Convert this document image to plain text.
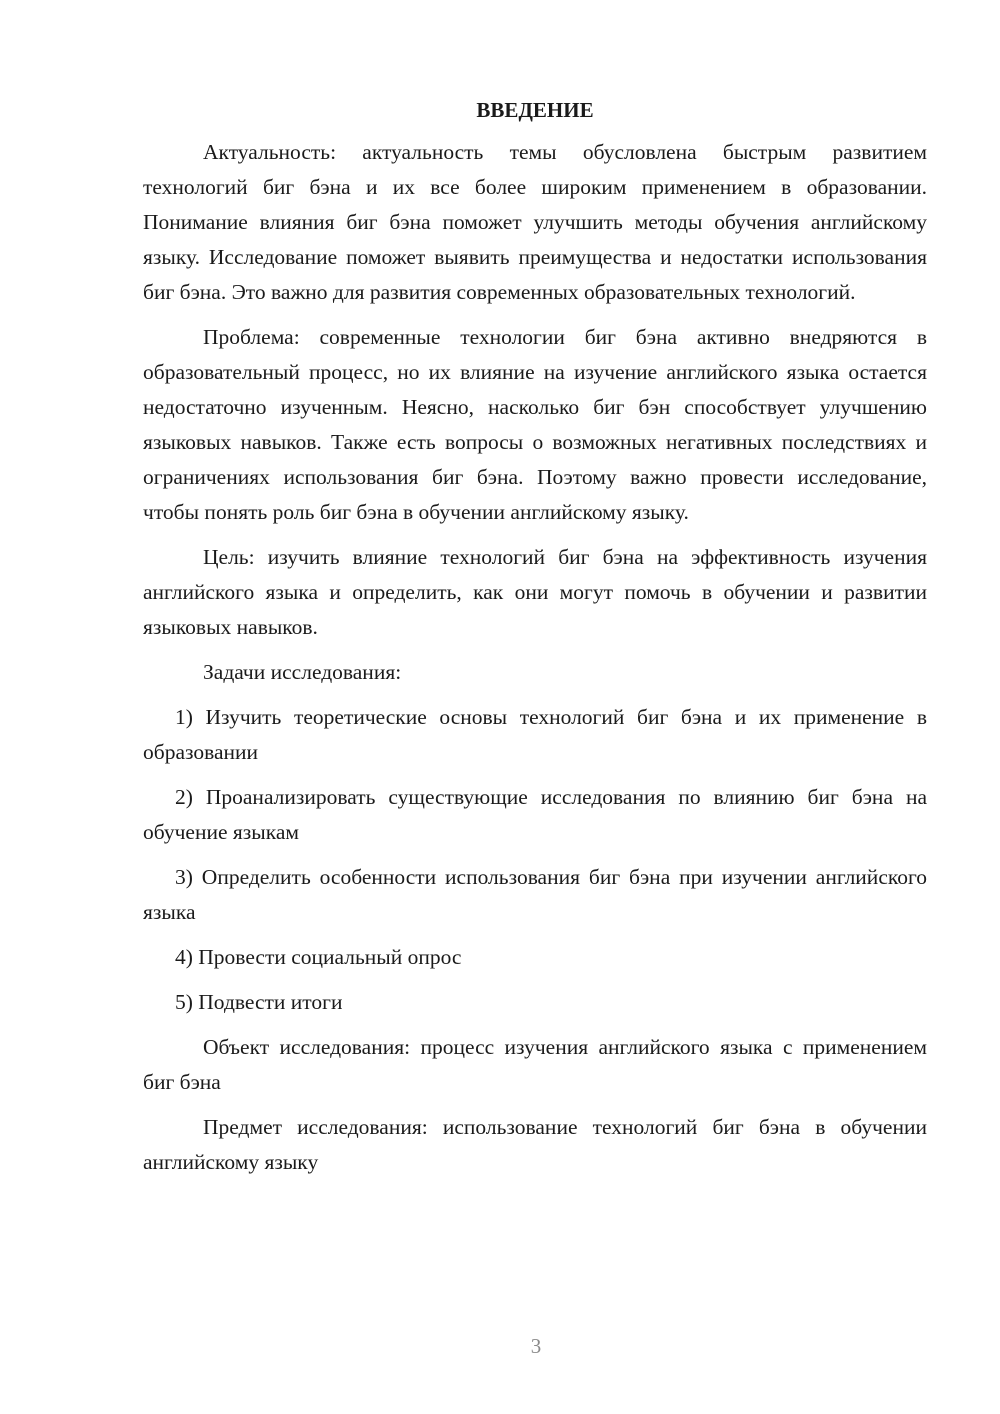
ВВЕДЕНИЕ

Актуальность: актуальность темы обусловлена быстрым развитием технологий биг бэна и их все более широким применением в образовании. Понимание влияния биг бэна поможет улучшить методы обучения английскому языку. Исследование поможет выявить преимущества и недостатки использования биг бэна. Это важно для развития современных образовательных технологий.

Проблема: современные технологии биг бэна активно внедряются в образовательный процесс, но их влияние на изучение английского языка остается недостаточно изученным. Неясно, насколько биг бэн способствует улучшению языковых навыков. Также есть вопросы о возможных негативных последствиях и ограничениях использования биг бэна. Поэтому важно провести исследование, чтобы понять роль биг бэна в обучении английскому языку.

Цель: изучить влияние технологий биг бэна на эффективность изучения английского языка и определить, как они могут помочь в обучении и развитии языковых навыков.

Задачи исследования:

1) Изучить теоретические основы технологий биг бэна и их применение в образовании

2) Проанализировать существующие исследования по влиянию биг бэна на обучение языкам

3) Определить особенности использования биг бэна при изучении английского языка

4) Провести социальный опрос

5) Подвести итоги

Объект исследования: процесс изучения английского языка с применением биг бэна

Предмет исследования: использование технологий биг бэна в обучении английскому языку

3
